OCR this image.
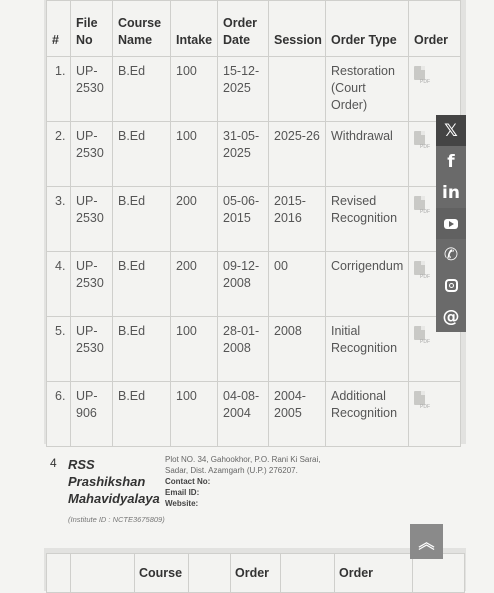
#	File No	Course Name	Intake	Order Date	Session	Order Type	Order
1.	UP-2530	B.Ed	100	15-12-2025		Restoration (Court Order)	PDF

2.	UP-2530	B.Ed	100	31-05-2025	2025-26	Withdrawal	PDF

3.	UP-2530	B.Ed	200	05-06-2015	2015-2016	Revised Recognition	PDF

4.	UP-2530	B.Ed	200	09-12-2008	00	Corrigendum	PDF

5.	UP-2530	B.Ed	100	28-01-2008	2008	Initial Recognition	PDF

6.	UP-906	B.Ed	100	04-08-2004	2004-2005	Additional Recognition	PDF
𝕏
f
in
✆
@
4 RSS Prashikshan Mahavidyalaya
(Institute ID : NCTE3675809)
Plot NO. 34, Gahookhor, P.O. Rani Ki Sarai, Sadar, Dist. Azamgarh (U.P.) 276207.
Contact No:
Email ID:
Website:
		Course		Order		Order	
︽
